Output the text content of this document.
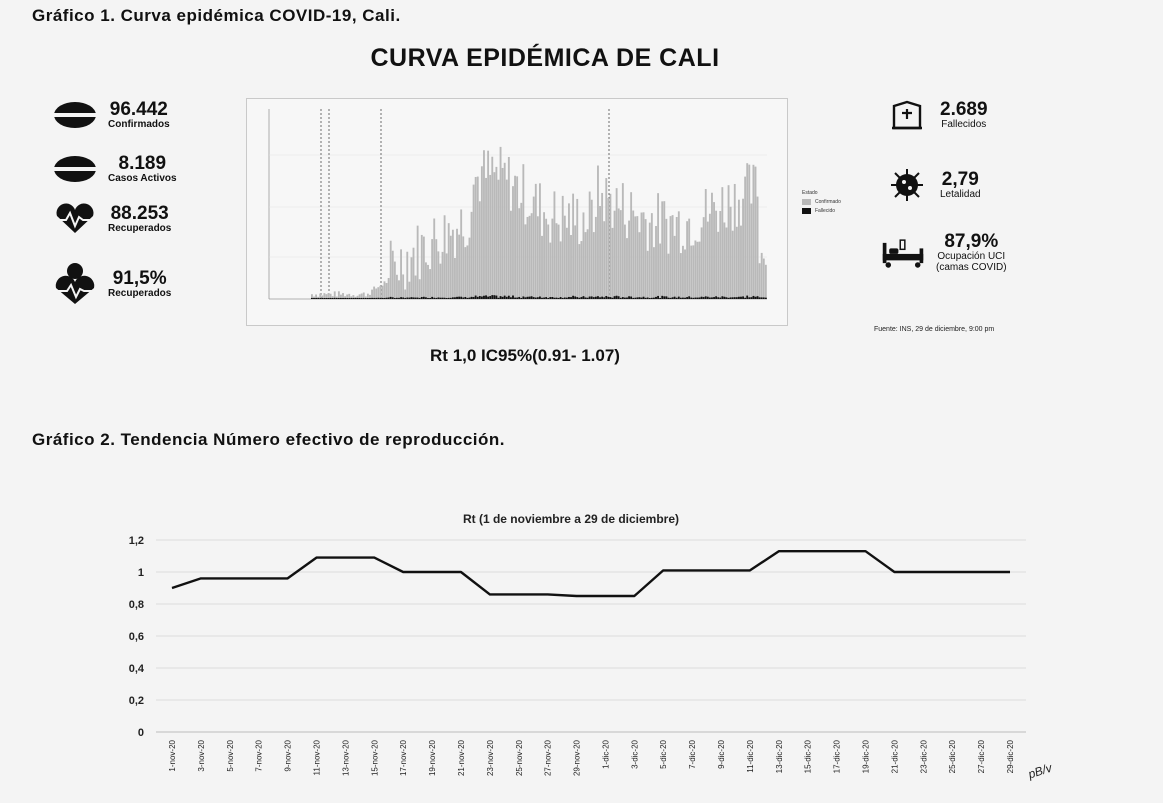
Gráfico 1. Curva epidémica COVID-19, Cali.
CURVA EPIDÉMICA DE CALI
96.442
Confirmados
8.189
Casos Activos
88.253
Recuperados
91,5%
Recuperados
Estado
Confirmado
Fallecido
2.689
Fallecidos
2,79
Letalidad
87,9%
Ocupación UCI
(camas COVID)
Fuente: INS, 29 de diciembre, 9:00 pm
Rt 1,0 IC95%(0.91- 1.07)
Gráfico 2. Tendencia Número efectivo de reproducción.
Rt (1 de noviembre a 29 de diciembre)
0
0,2
0,4
0,6
0,8
1
1,2
1-nov-20 3-nov-20 5-nov-20 7-nov-20 9-nov-20 11-nov-20 13-nov-20 15-nov-20 17-nov-20 19-nov-20 21-nov-20 23-nov-20 25-nov-20 27-nov-20 29-nov-20 1-dic-20 3-dic-20 5-dic-20 7-dic-20 9-dic-20 11-dic-20 13-dic-20 15-dic-20 17-dic-20 19-dic-20 21-dic-20 23-dic-20 25-dic-20 27-dic-20 29-dic-20 pB/v
